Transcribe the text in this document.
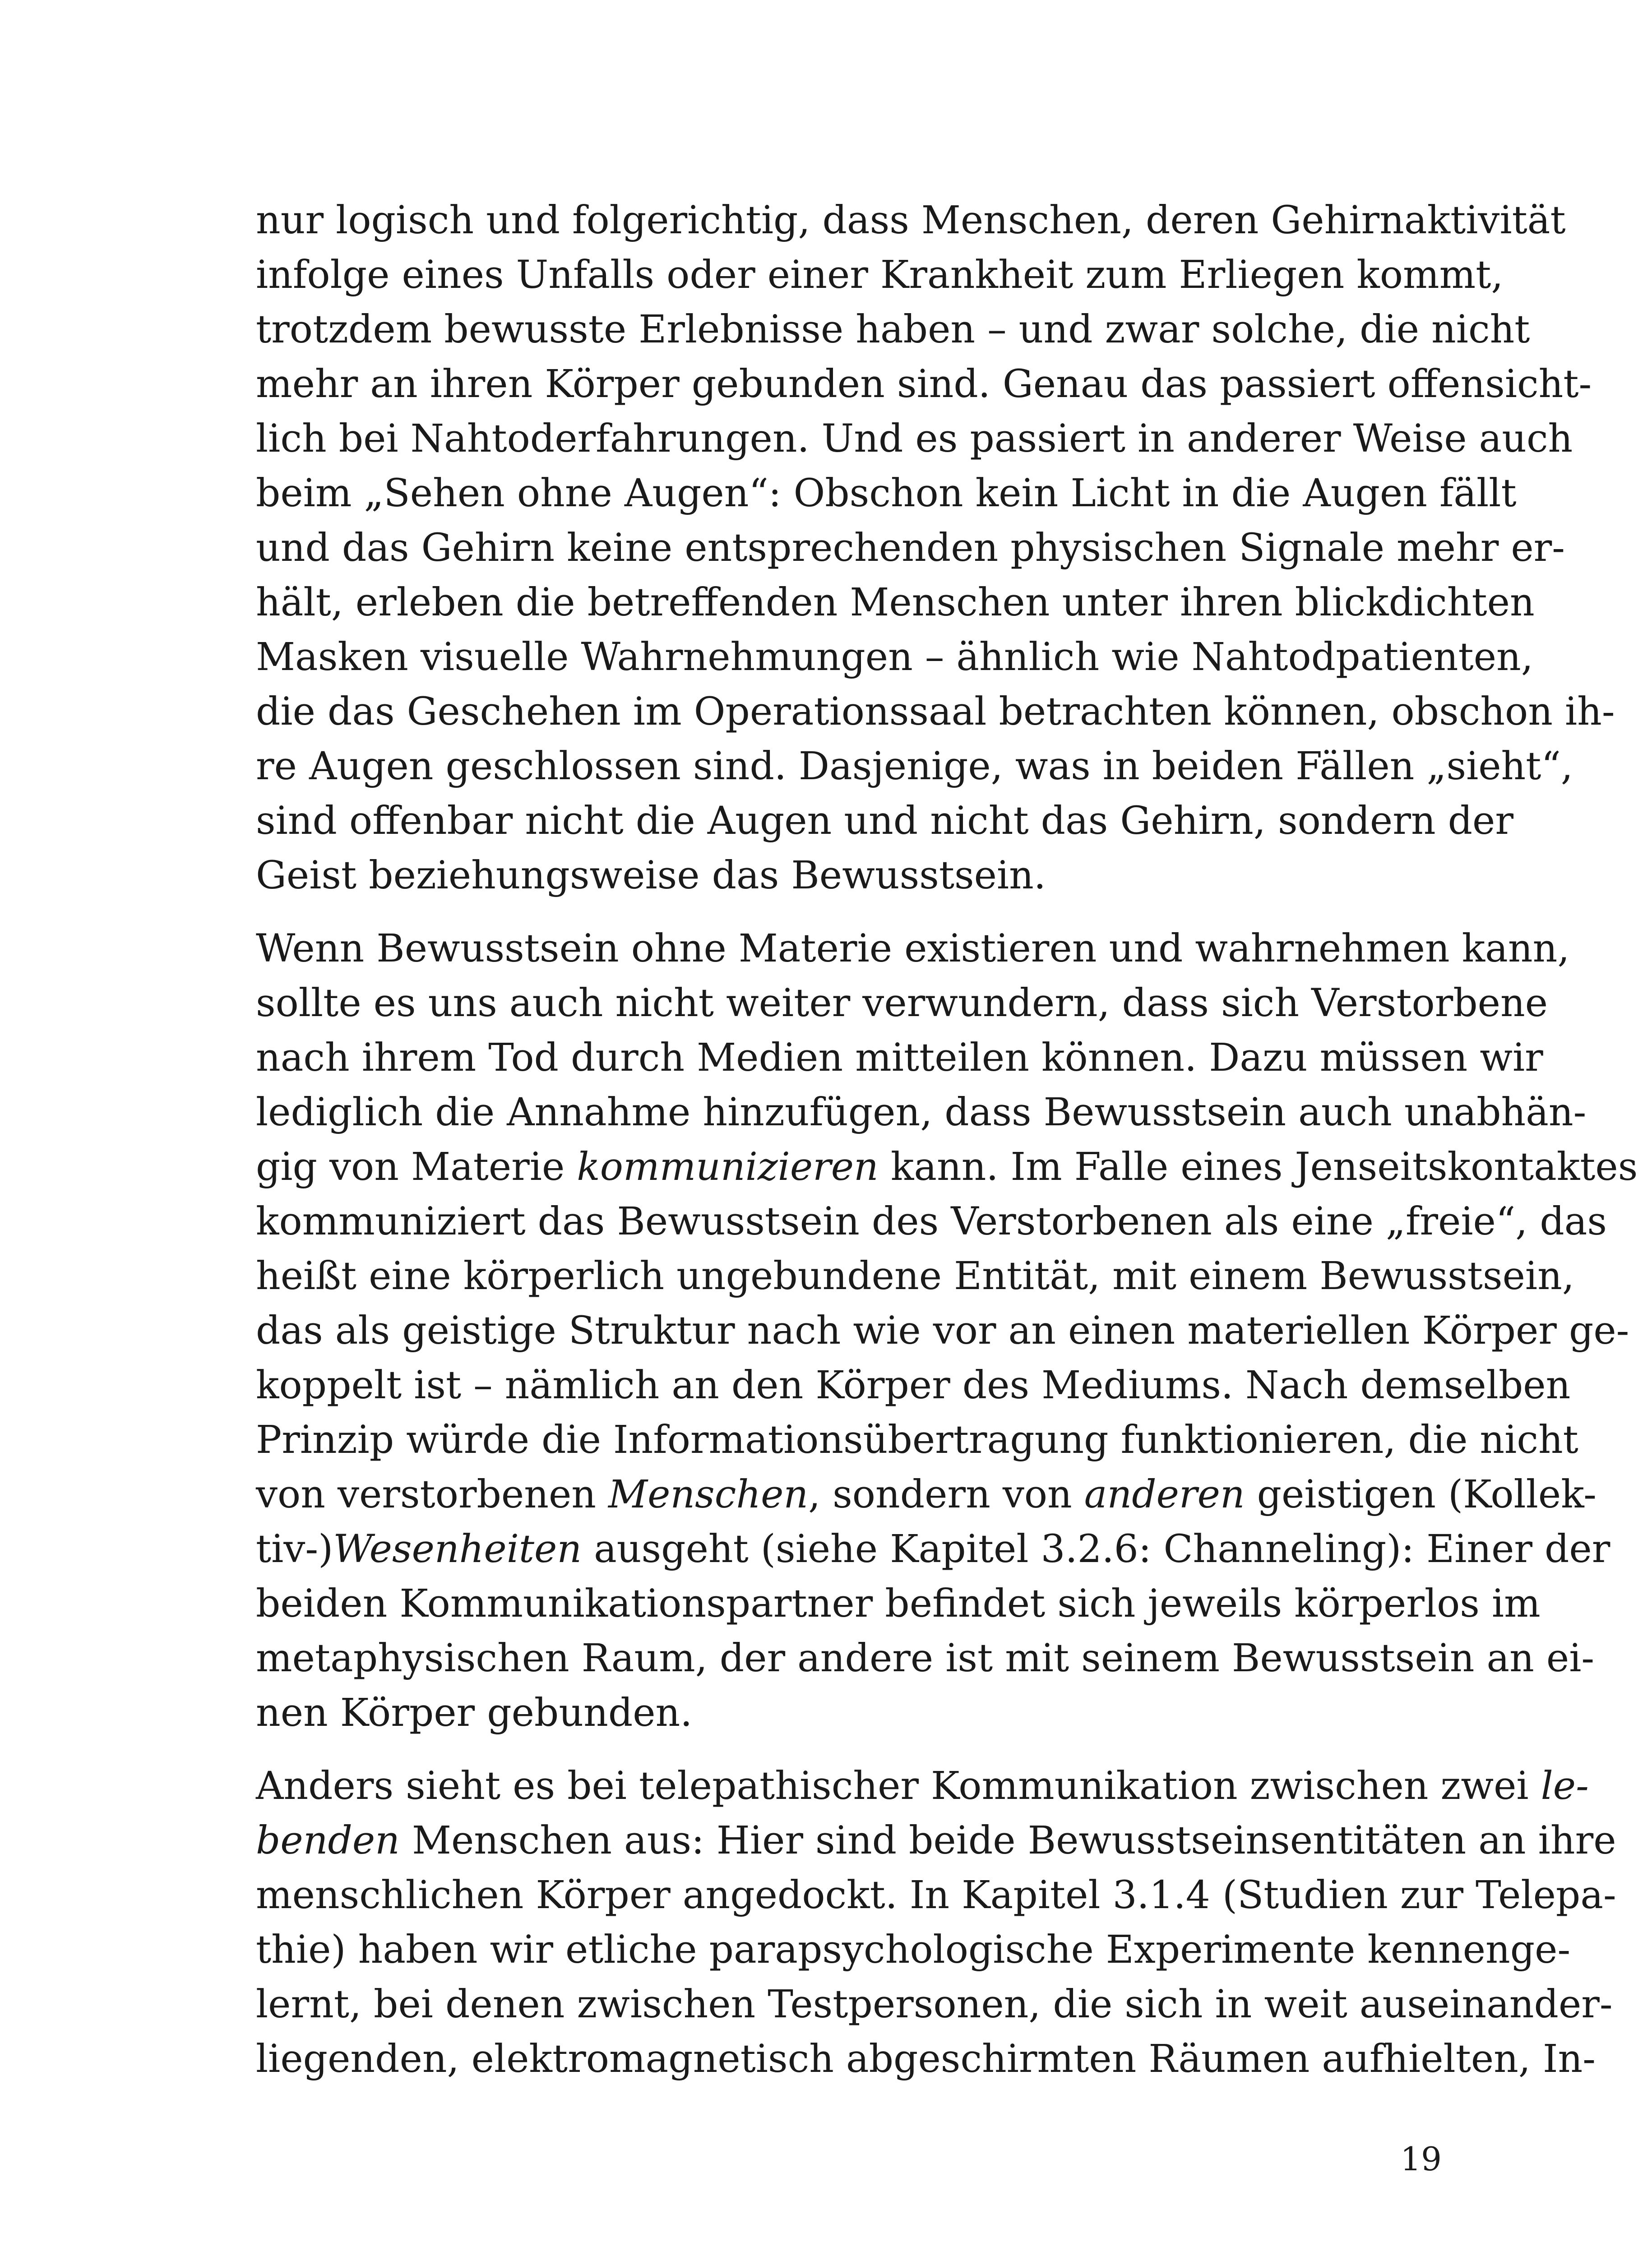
nur logisch und folgerichtig, dass Menschen, deren Gehirnaktivität
infolge eines Unfalls oder einer Krankheit zum Erliegen kommt,
trotzdem bewusste Erlebnisse haben – und zwar solche, die nicht
mehr an ihren Körper gebunden sind. Genau das passiert offensicht-
lich bei Nahtoderfahrungen. Und es passiert in anderer Weise auch
beim „Sehen ohne Augen“: Obschon kein Licht in die Augen fällt
und das Gehirn keine entsprechenden physischen Signale mehr er-
hält, erleben die betreffenden Menschen unter ihren blickdichten
Masken visuelle Wahrnehmungen – ähnlich wie Nahtodpatienten,
die das Geschehen im Operationssaal betrachten können, obschon ih-
re Augen geschlossen sind. Dasjenige, was in beiden Fällen „sieht“,
sind offenbar nicht die Augen und nicht das Gehirn, sondern der
Geist beziehungsweise das Bewusstsein.
Wenn Bewusstsein ohne Materie existieren und wahrnehmen kann,
sollte es uns auch nicht weiter verwundern, dass sich Verstorbene
nach ihrem Tod durch Medien mitteilen können. Dazu müssen wir
lediglich die Annahme hinzufügen, dass Bewusstsein auch unabhän-
gig von Materie kommunizieren kann. Im Falle eines Jenseitskontaktes
kommuniziert das Bewusstsein des Verstorbenen als eine „freie“, das
heißt eine körperlich ungebundene Entität, mit einem Bewusstsein,
das als geistige Struktur nach wie vor an einen materiellen Körper ge-
koppelt ist – nämlich an den Körper des Mediums. Nach demselben
Prinzip würde die Informationsübertragung funktionieren, die nicht
von verstorbenen Menschen, sondern von anderen geistigen (Kollek-
tiv-)Wesenheiten ausgeht (siehe Kapitel 3.2.6: Channeling): Einer der
beiden Kommunikationspartner befindet sich jeweils körperlos im
metaphysischen Raum, der andere ist mit seinem Bewusstsein an ei-
nen Körper gebunden.
Anders sieht es bei telepathischer Kommunikation zwischen zwei le-
benden Menschen aus: Hier sind beide Bewusstseinsentitäten an ihre
menschlichen Körper angedockt. In Kapitel 3.1.4 (Studien zur Telepa-
thie) haben wir etliche parapsychologische Experimente kennenge-
lernt, bei denen zwischen Testpersonen, die sich in weit auseinander-
liegenden, elektromagnetisch abgeschirmten Räumen aufhielten, In-
19
